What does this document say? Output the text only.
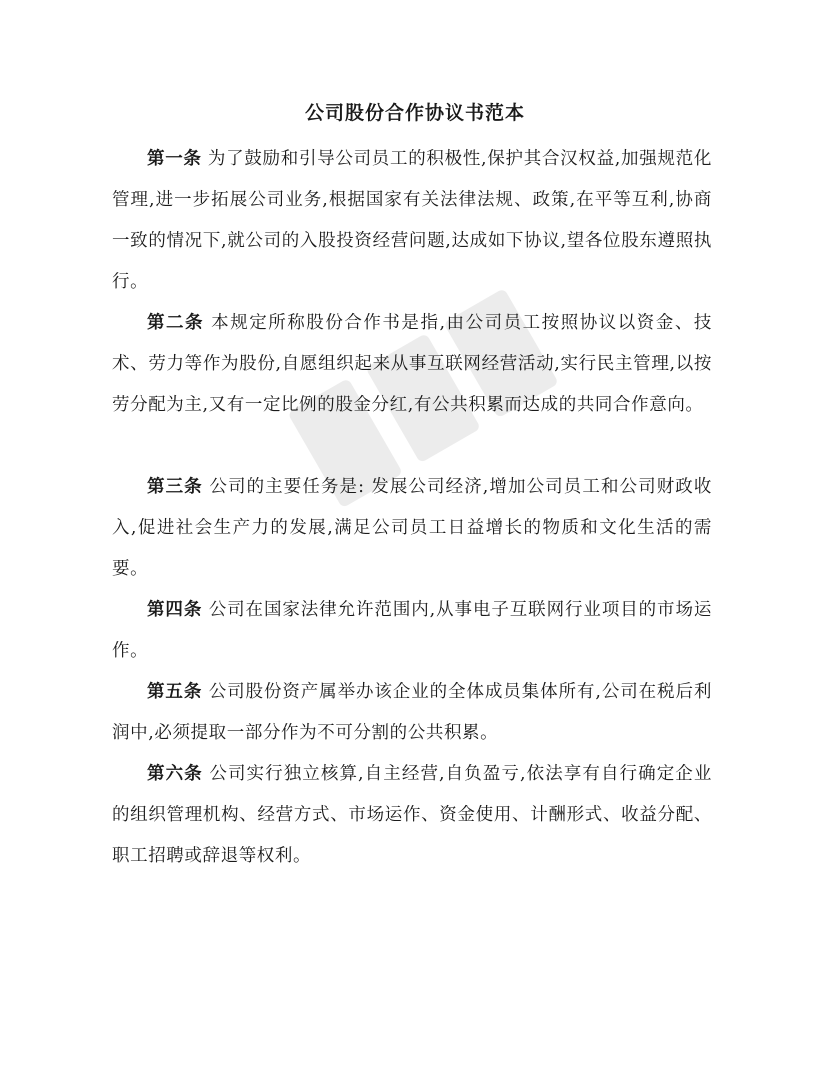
公司股份合作协议书范本

第一条 为了鼓励和引导公司员工的积极性,保护其合汉权益,加强规范化管理,进一步拓展公司业务,根据国家有关法律法规、政策,在平等互利,协商一致的情况下,就公司的入股投资经营问题,达成如下协议,望各位股东遵照执行。

第二条 本规定所称股份合作书是指,由公司员工按照协议以资金、技术、劳力等作为股份,自愿组织起来从事互联网经营活动,实行民主管理,以按劳分配为主,又有一定比例的股金分红,有公共积累而达成的共同合作意向。

第三条 公司的主要任务是: 发展公司经济,增加公司员工和公司财政收入,促进社会生产力的发展,满足公司员工日益增长的物质和文化生活的需要。

第四条 公司在国家法律允许范围内,从事电子互联网行业项目的市场运作。

第五条 公司股份资产属举办该企业的全体成员集体所有,公司在税后利润中,必须提取一部分作为不可分割的公共积累。

第六条 公司实行独立核算,自主经营,自负盈亏,依法享有自行确定企业的组织管理机构、经营方式、市场运作、资金使用、计酬形式、收益分配、职工招聘或辞退等权利。
